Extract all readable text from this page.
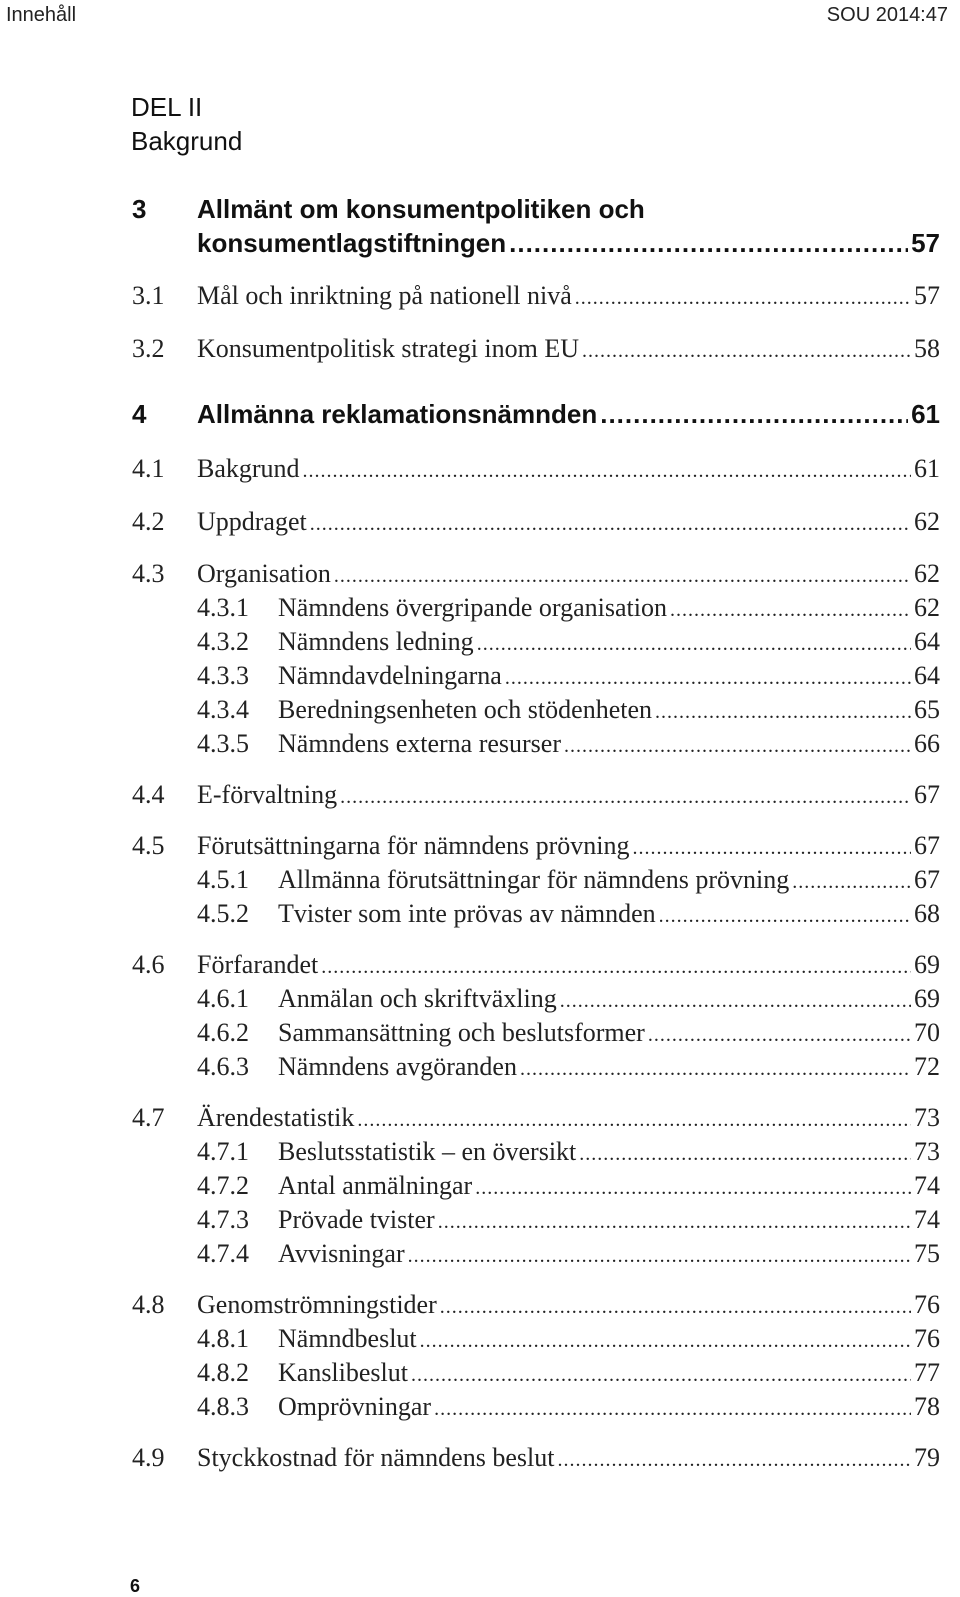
Innehåll	SOU 2014:47
DEL II
Bakgrund
3 Allmänt om konsumentpolitiken och
konsumentlagstiftningen .....	57
3.1 Mål och inriktning på nationell nivå .....	57
3.2 Konsumentpolitisk strategi inom EU .....	58
4 Allmänna reklamationsnämnden .....	61
4.1 Bakgrund .....	61
4.2 Uppdraget .....	62
4.3 Organisation .....	62
4.3.1 Nämndens övergripande organisation .....	62
4.3.2 Nämndens ledning .....	64
4.3.3 Nämndavdelningarna .....	64
4.3.4 Beredningsenheten och stödenheten .....	65
4.3.5 Nämndens externa resurser .....	66
4.4 E-förvaltning .....	67
4.5 Förutsättningarna för nämndens prövning .....	67
4.5.1 Allmänna förutsättningar för nämndens prövning .....	67
4.5.2 Tvister som inte prövas av nämnden .....	68
4.6 Förfarandet .....	69
4.6.1 Anmälan och skriftväxling .....	69
4.6.2 Sammansättning och beslutsformer .....	70
4.6.3 Nämndens avgöranden .....	72
4.7 Ärendestatistik .....	73
4.7.1 Beslutsstatistik – en översikt .....	73
4.7.2 Antal anmälningar .....	74
4.7.3 Prövade tvister .....	74
4.7.4 Avvisningar .....	75
4.8 Genomströmningstider .....	76
4.8.1 Nämndbeslut .....	76
4.8.2 Kanslibeslut .....	77
4.8.3 Omprövningar .....	78
4.9 Styckkostnad för nämndens beslut .....	79
6
